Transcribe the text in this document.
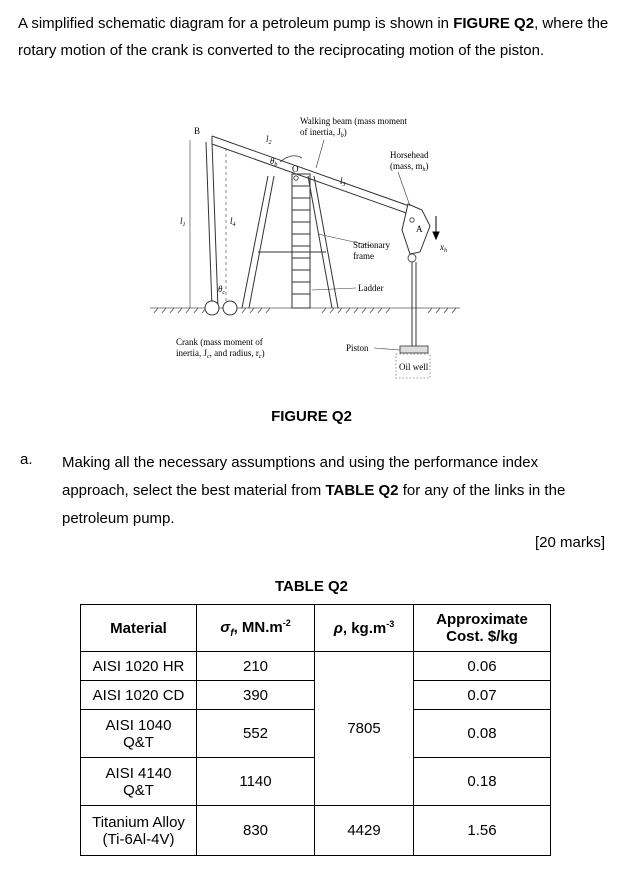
A simplified schematic diagram for a petroleum pump is shown in FIGURE Q2, where the rotary motion of the crank is converted to the reciprocating motion of the piston.

Walking beam (mass moment
of inertia, $J_b$)
Horsehead
(mass, $m_h$)
Stationary
frame
Ladder
Piston
Oil well
Crank (mass moment of
inertia, $J_c$, and radius, $r_c$)
B
A
O
$l_1$
$l_2$
$l_3$
$l_4$
$\theta_b$
$\theta_c$
$x_h$
FIGURE Q2
a. Making all the necessary assumptions and using the performance index approach, select the best material from TABLE Q2 for any of the links in the petroleum pump.

[20 marks]
TABLE Q2
Material	$\sigma_f$, $MN.m^{-2}$	ρ, $kg.m^{-3}$	Approximate
Cost. $/kg
AISI 1020 HR	210	7805	0.06
AISI 1020 CD	390		0.07
AISI 1040
Q&T	552		0.08
AISI 4140
Q&T	1140		0.18
Titanium Alloy
(Ti-6Al-4V)	830	4429	1.56
